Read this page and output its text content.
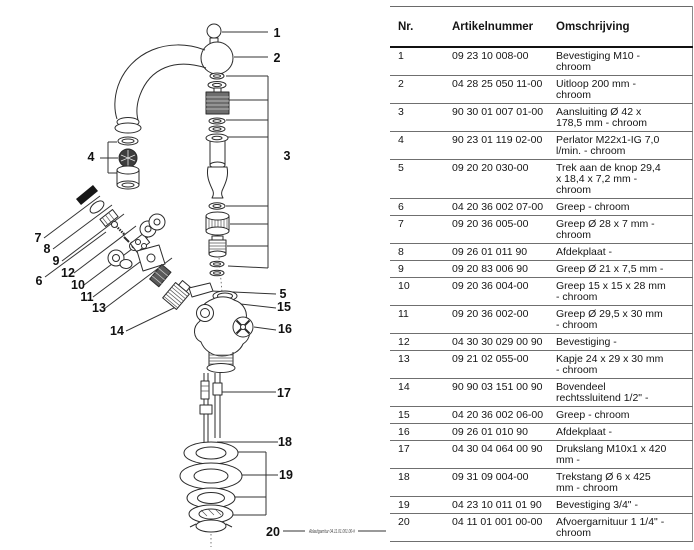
1
2
3
4
5
6
7
8
9
10
11
12
13
14
15
16
17
18
19
20	Ablaufgarnitur 04.11.01.001.00-#
Nr.	Artikelnummer	Omschrijving
1	09 23 10 008-00	Bevestiging M10 - chroom
2	04 28 25 050 11-00	Uitloop 200 mm - chroom
3	90 30 01 007 01-00	Aansluiting Ø 42 x 178,5 mm - chroom
4	90 23 01 119 02-00	Perlator M22x1-IG 7,0 l/min. - chroom
5	09 20 20 030-00	Trek aan de knop 29,4 x 18,4 x 7,2 mm - chroom
6	04 20 36 002 07-00	Greep - chroom
7	09 20 36 005-00	Greep Ø 28 x 7 mm - chroom
8	09 26 01 011 90	Afdekplaat -
9	09 20 83 006 90	Greep Ø 21 x 7,5 mm -
10	09 20 36 004-00	Greep 15 x 15 x 28 mm - chroom
11	09 20 36 002-00	Greep Ø 29,5 x 30 mm - chroom
12	04 30 30 029 00 90	Bevestiging -
13	09 21 02 055-00	Kapje 24 x 29 x 30 mm - chroom
14	90 90 03 151 00 90	Bovendeel rechtssluitend 1/2" -
15	04 20 36 002 06-00	Greep - chroom
16	09 26 01 010 90	Afdekplaat -
17	04 30 04 064 00 90	Drukslang M10x1 x 420 mm -
18	09 31 09 004-00	Trekstang Ø 6 x 425 mm - chroom
19	04 23 10 011 01 90	Bevestiging 3/4" -
20	04 11 01 001 00-00	Afvoergarnituur 1 1/4" - chroom
